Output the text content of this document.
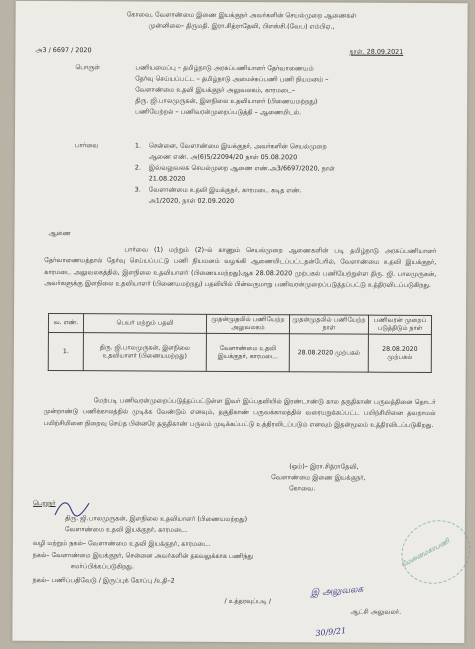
கோவை, வேளாண்மை இணை இயக்குநர் அவர்களின் செயல்முறை ஆணைகள்
முன்னிலை– திருமதி. இரா.சித்ராதேவி, பிஎஸ்சி.(வேப) எம்பிஏ.,
அ3 / 6697 / 2020	நாள். 28.09.2021
பொருள்	பணியமைப்பு – தமிழ்நாடு அரசுப்பணியாளர் தேர்வாணையம்
தேர்வு செய்யப்பட்ட – தமிழ்நாடு அமைச்சுப்பணி பணி நியமனம் –
வேளாண்மை உதவி இயக்குநர் அலுவலகம், காரமடை–
திரு. ஜி.பாலமுருகன், இளநிலை உதவியாளர் (பிணையமற்றது)
பணியேற்றல் – பணிவரன்முறைப்படுத்தி – ஆணையிடல்.
பார்வை	1. சென்னை, வேளாண்மை இயக்குநர், அவர்களின் செயல்முறை
ஆணை எண். அ(6)5/22094/20 நாள் 05.08.2020
2. இவ்வலுவலக செயல்முறை ஆணை எண்.அ3/6697/2020, நாள்
21.08.2020
3. வேளாண்மை உதவி இயக்குநர், காரமடை கடித எண்.
அ1/2020, நாள் 02.09.2020
ஆணை
பார்வை (1) மற்றும் (2)–ல் காணும் செயல்முறை ஆணைகளின் படி தமிழ்நாடு அரசுப்பணியாளர் தேர்வாணையத்தால் தேர்வு செய்யப்பட்டு பணி நியமனம் வழங்கி ஆணையிடப்பட்டதன்பேரில், வேளாண்மை உதவி இயக்குநர், காரமடை அலுவலகத்தில், இளநிலை உதவியாளர் (பிணையமற்றது)ஆக 28.08.2020 முற்பகல் பணியேற்றுள்ள திரு. ஜி. பாலமுருகன், அவர்களுக்கு இளநிலை உதவியாளர் (பிணையமற்றது) பதவியில் பின்வருமாறு பணிவரன்முறைப்படுத்தப்பட்டு உத்திரவிடப்படுகிறது.
வ. எண்.	பெயர் மற்றும் பதவி	முதன்முதலில் பணியேற்ற அலுவலகம்	முதன்முதலில் பணியேற்ற நாள்	பணிவரன் முறைப் படுத்திடும் நாள்
1.	திரு. ஜி.பாலமுருகன், இளநிலை உதவியாளர் (பிணையமற்றது)	வேளாண்மை உதவி இயக்குநர், காரமடை.	28.08.2020 முற்பகல்	28.08.2020 முற்பகல்
மேற்படி பணிவரன்முறைப்படுத்தப்பட்டுள்ள இவர் இப்பதவியில் இரண்டாண்டு கால தகுதிகாண் பருவத்தினை தொடர் முன்றாண்டு பணிக்காலத்தில் முடிக்க வேண்டும் எனவும், தகுதிகாண் பருவக்காலத்தில் வரையறுக்கப்பட்ட பயிற்சியினை தவறாமல் பயிற்சியினை நிறைவு செய்த பின்னரே தகுதிகாண் பருவம் முடிக்கப்பட்டு உத்திரவிடப்படும் எனவும் இதன்மூலம் உத்திரவிடப்படுகிறது.
(ஒம்)– இரா.சித்ராதேவி,
வேளாண்மை இணை இயக்குநர்,
கோவை.
பெறுநர்
திரு. ஜி.பாலமுருகன், இளநிலை உதவியாளர் (பிணையமற்றது)
வேளாண்மை உதவி இயக்குநர், காரமடை.
வழி மற்றும் நகல்– வேளாண்மை உதவி இயக்குநர், காரமடை.
நகல்– வேளாண்மை இயக்குநர், சென்னை அவர்களின் தகவலுக்காக பணிந்து
சமர்ப்பிக்கப்படுகிறது.
நகல்– பணிப்பதிவேடு / இருப்புக் கோப்பு /உதி–2
/ உத்தரவுப்படி /
இ அலுவலக
ஆட்சி அலுவலர்.
30/9/21
மேனைமகாபணி
